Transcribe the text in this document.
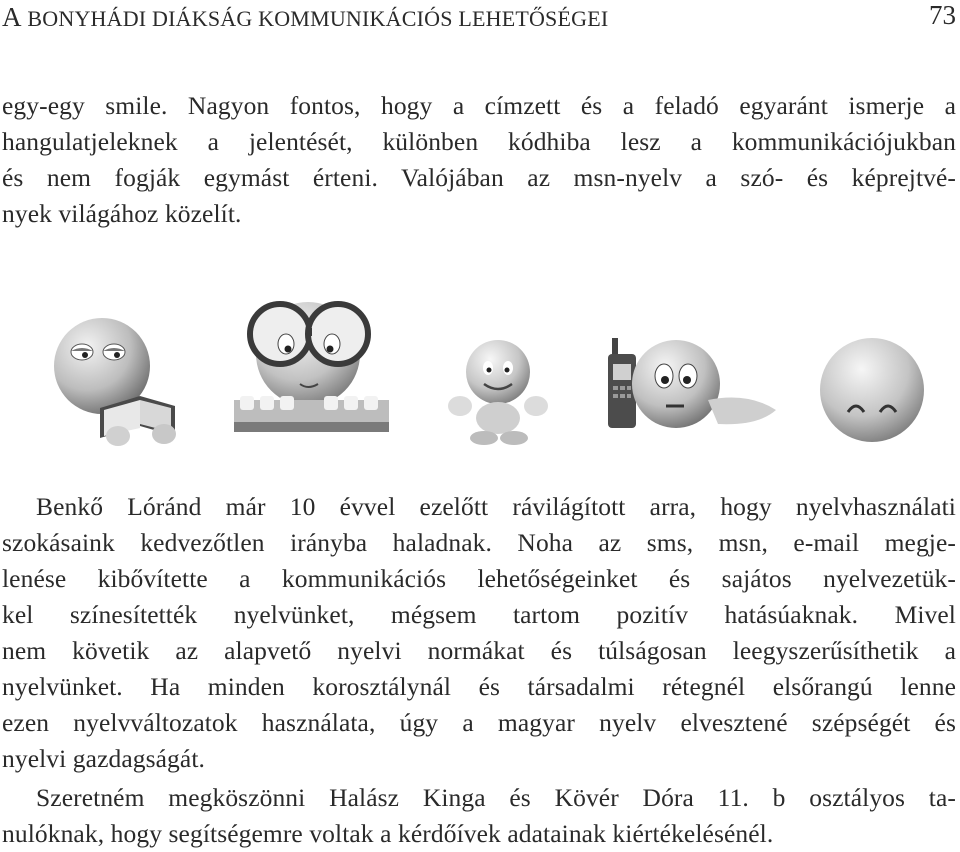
A BONYHÁDI DIÁKSÁG KOMMUNIKÁCIÓS LEHETŐSÉGEI	73

egy-egy smile. Nagyon fontos, hogy a címzett és a feladó egyaránt ismerje a
hangulatjeleknek a jelentését, különben kódhiba lesz a kommunikációjukban
és nem fogják egymást érteni. Valójában az msn-nyelv a szó- és képrejtvé-
nyek világához közelít.

Benkő Lóránd már 10 évvel ezelőtt rávilágított arra, hogy nyelvhasználati
szokásaink kedvezőtlen irányba haladnak. Noha az sms, msn, e-mail megje-
lenése kibővítette a kommunikációs lehetőségeinket és sajátos nyelvezetük-
kel színesítették nyelvünket, mégsem tartom pozitív hatásúaknak. Mivel
nem követik az alapvető nyelvi normákat és túlságosan leegyszerűsíthetik a
nyelvünket. Ha minden korosztálynál és társadalmi rétegnél elsőrangú lenne
ezen nyelvváltozatok használata, úgy a magyar nyelv elvesztené szépségét és
nyelvi gazdagságát.

Szeretném megköszönni Halász Kinga és Kövér Dóra 11. b osztályos ta-
nulóknak, hogy segítségemre voltak a kérdőívek adatainak kiértékelésénél.
